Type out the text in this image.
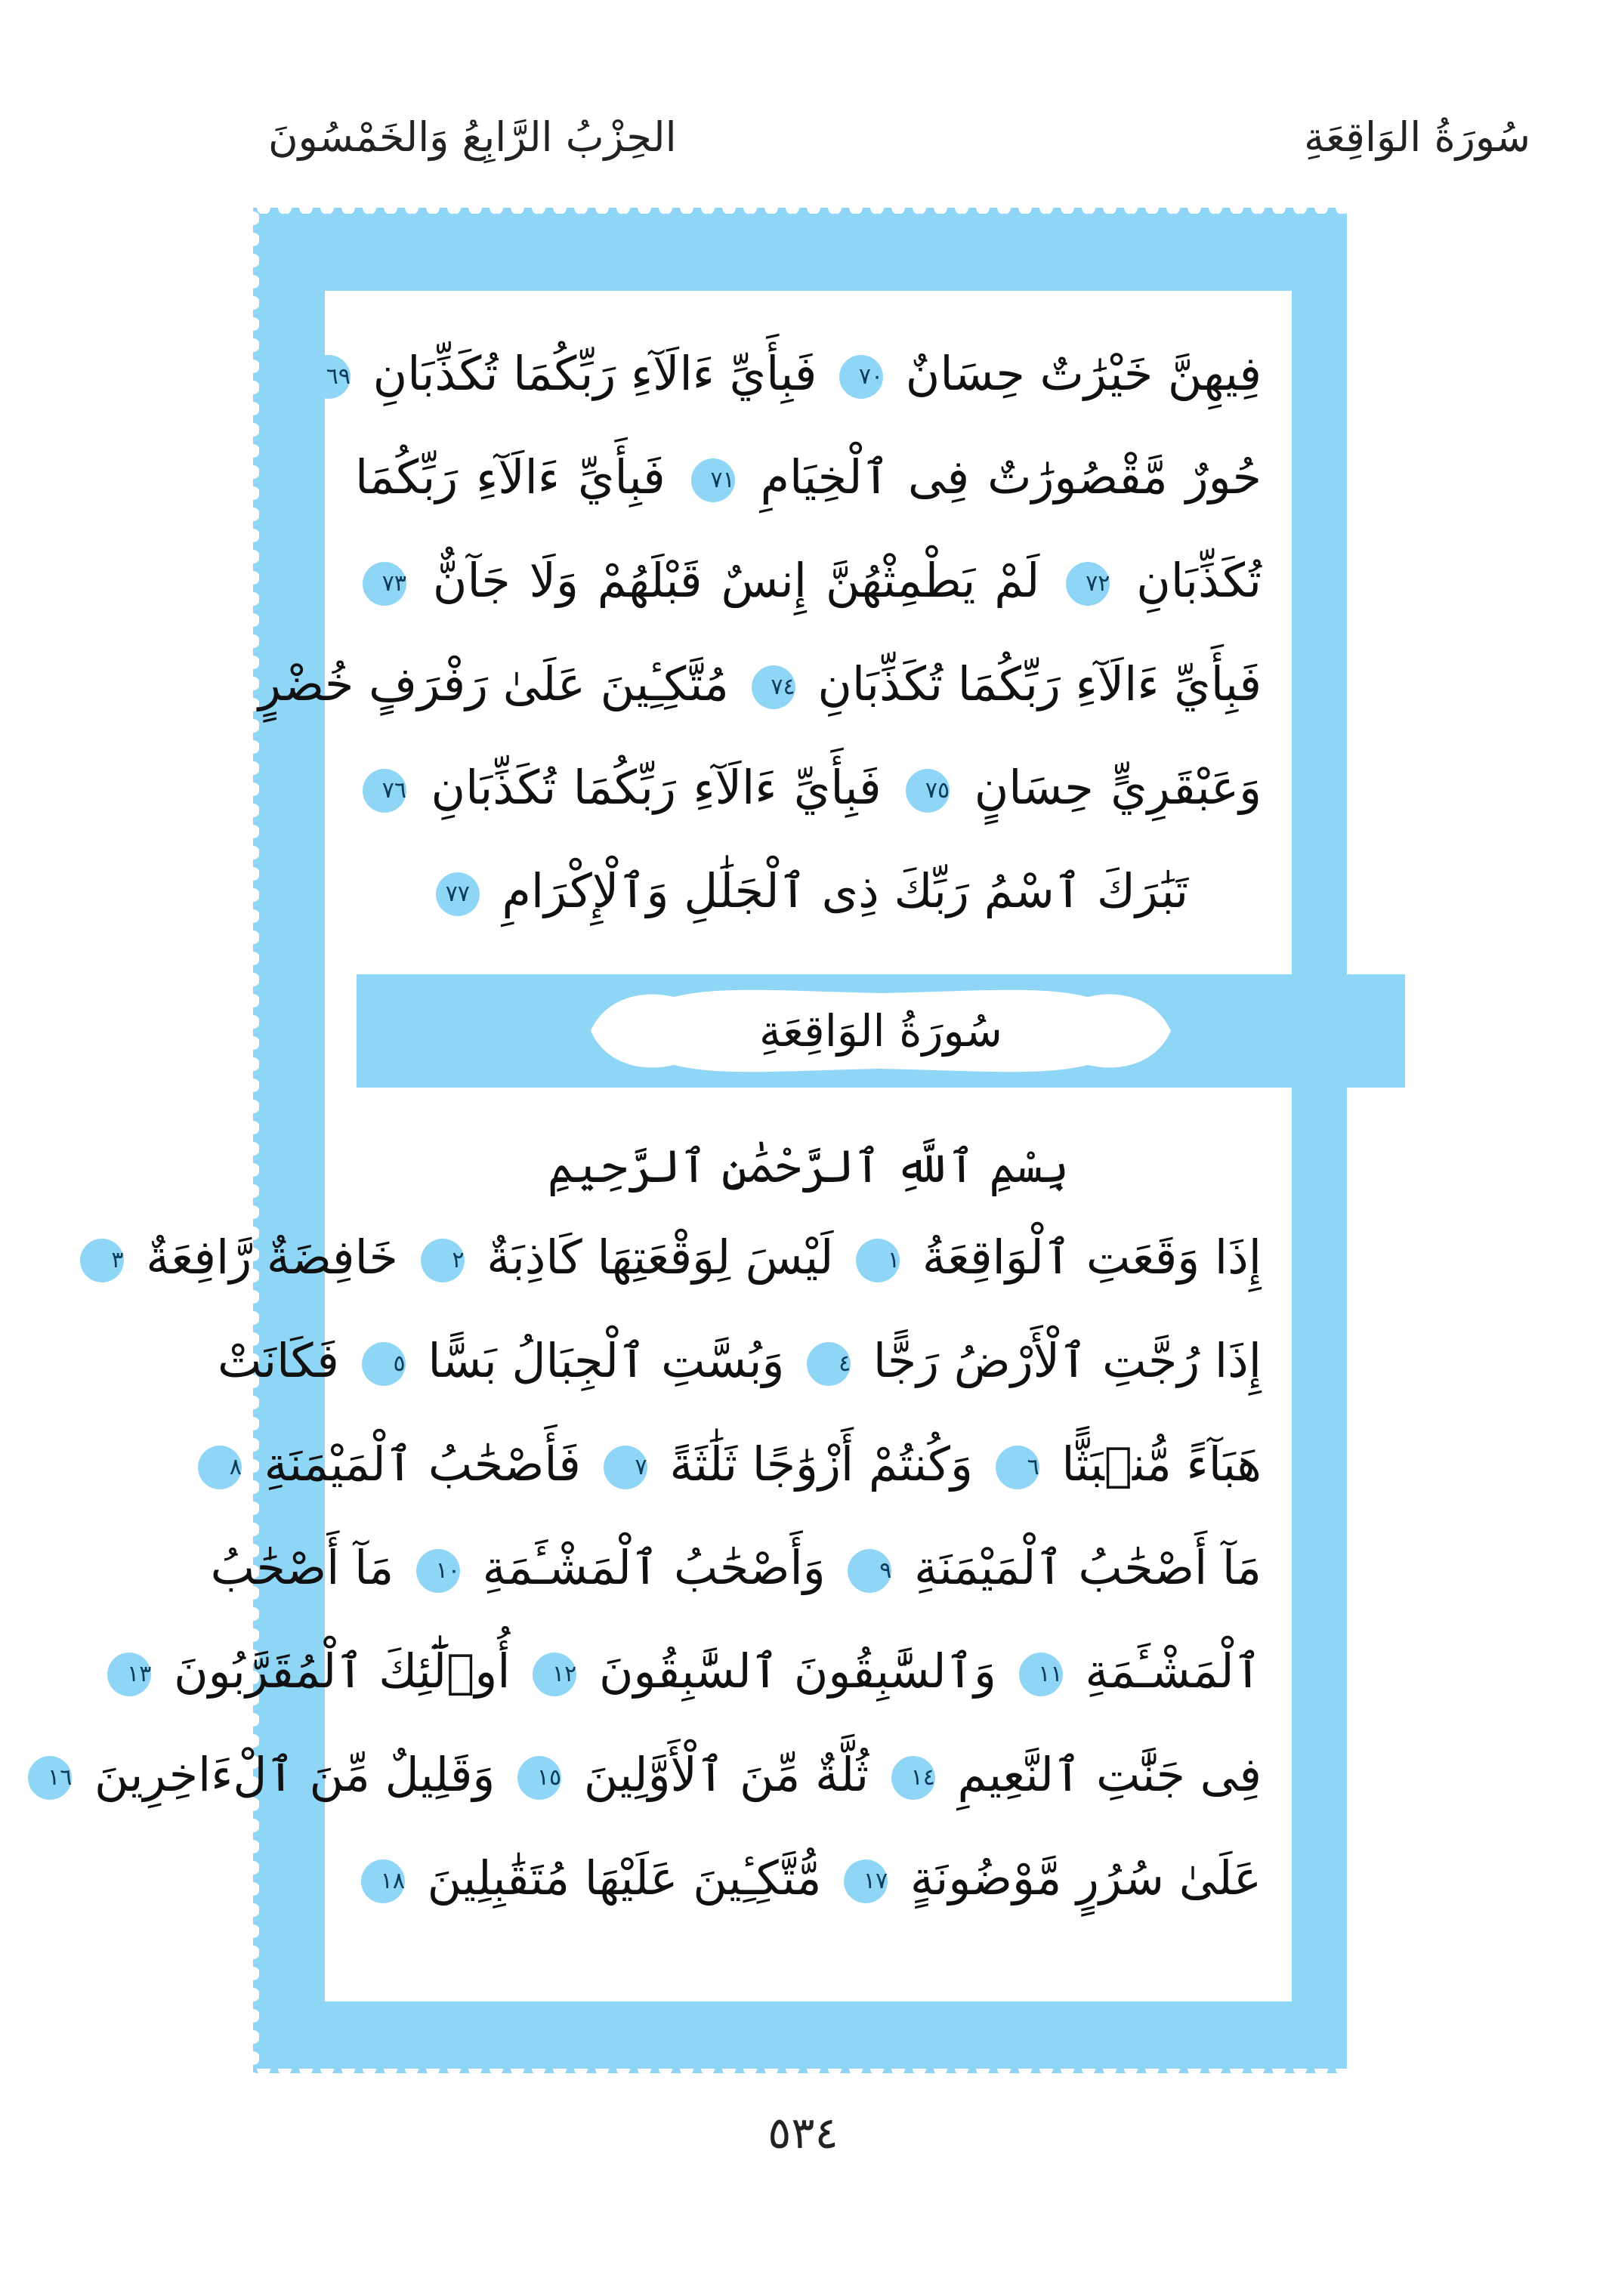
سُورَةُ الوَاقِعَةِ
الحِزْبُ الرَّابِعُ وَالخَمْسُونَ
فِيهِنَّ خَيْرَٰتٌ حِسَانٌ ٧٠ فَبِأَيِّ ءَالَآءِ رَبِّكُمَا تُكَذِّبَانِ ٦٩
حُورٌ مَّقْصُورَٰتٌ فِى ٱلْخِيَامِ ٧١ فَبِأَيِّ ءَالَآءِ رَبِّكُمَا
تُكَذِّبَانِ ٧٢ لَمْ يَطْمِثْهُنَّ إِنسٌ قَبْلَهُمْ وَلَا جَآنٌّ ٧٣
فَبِأَيِّ ءَالَآءِ رَبِّكُمَا تُكَذِّبَانِ ٧٤ مُتَّكِـِٔينَ عَلَىٰ رَفْرَفٍ خُضْرٍ
وَعَبْقَرِيٍّ حِسَانٍ ٧٥ فَبِأَيِّ ءَالَآءِ رَبِّكُمَا تُكَذِّبَانِ ٧٦
تَبَٰرَكَ ٱسْمُ رَبِّكَ ذِى ٱلْجَلَٰلِ وَٱلْإِكْرَامِ ٧٧
سُورَةُ الوَاقِعَةِ
بِسْمِ ٱللَّهِ ٱلرَّحْمَٰنِ ٱلرَّحِيمِ
إِذَا وَقَعَتِ ٱلْوَاقِعَةُ ١ لَيْسَ لِوَقْعَتِهَا كَاذِبَةٌ ٢ خَافِضَةٌ رَّافِعَةٌ ٣
إِذَا رُجَّتِ ٱلْأَرْضُ رَجًّا ٤ وَبُسَّتِ ٱلْجِبَالُ بَسًّا ٥ فَكَانَتْ
هَبَآءً مُّنۢبَثًّا ٦ وَكُنتُمْ أَزْوَٰجًا ثَلَٰثَةً ٧ فَأَصْحَٰبُ ٱلْمَيْمَنَةِ ٨
مَآ أَصْحَٰبُ ٱلْمَيْمَنَةِ ٩ وَأَصْحَٰبُ ٱلْمَشْـَٔمَةِ ١٠ مَآ أَصْحَٰبُ
ٱلْمَشْـَٔمَةِ ١١ وَٱلسَّٰبِقُونَ ٱلسَّٰبِقُونَ ١٢ أُو۟لَٰٓئِكَ ٱلْمُقَرَّبُونَ ١٣
فِى جَنَّٰتِ ٱلنَّعِيمِ ١٤ ثُلَّةٌ مِّنَ ٱلْأَوَّلِينَ ١٥ وَقَلِيلٌ مِّنَ ٱلْءَاخِرِينَ ١٦
عَلَىٰ سُرُرٍ مَّوْضُونَةٍ ١٧ مُّتَّكِـِٔينَ عَلَيْهَا مُتَقَٰبِلِينَ ١٨
٥٣٤
